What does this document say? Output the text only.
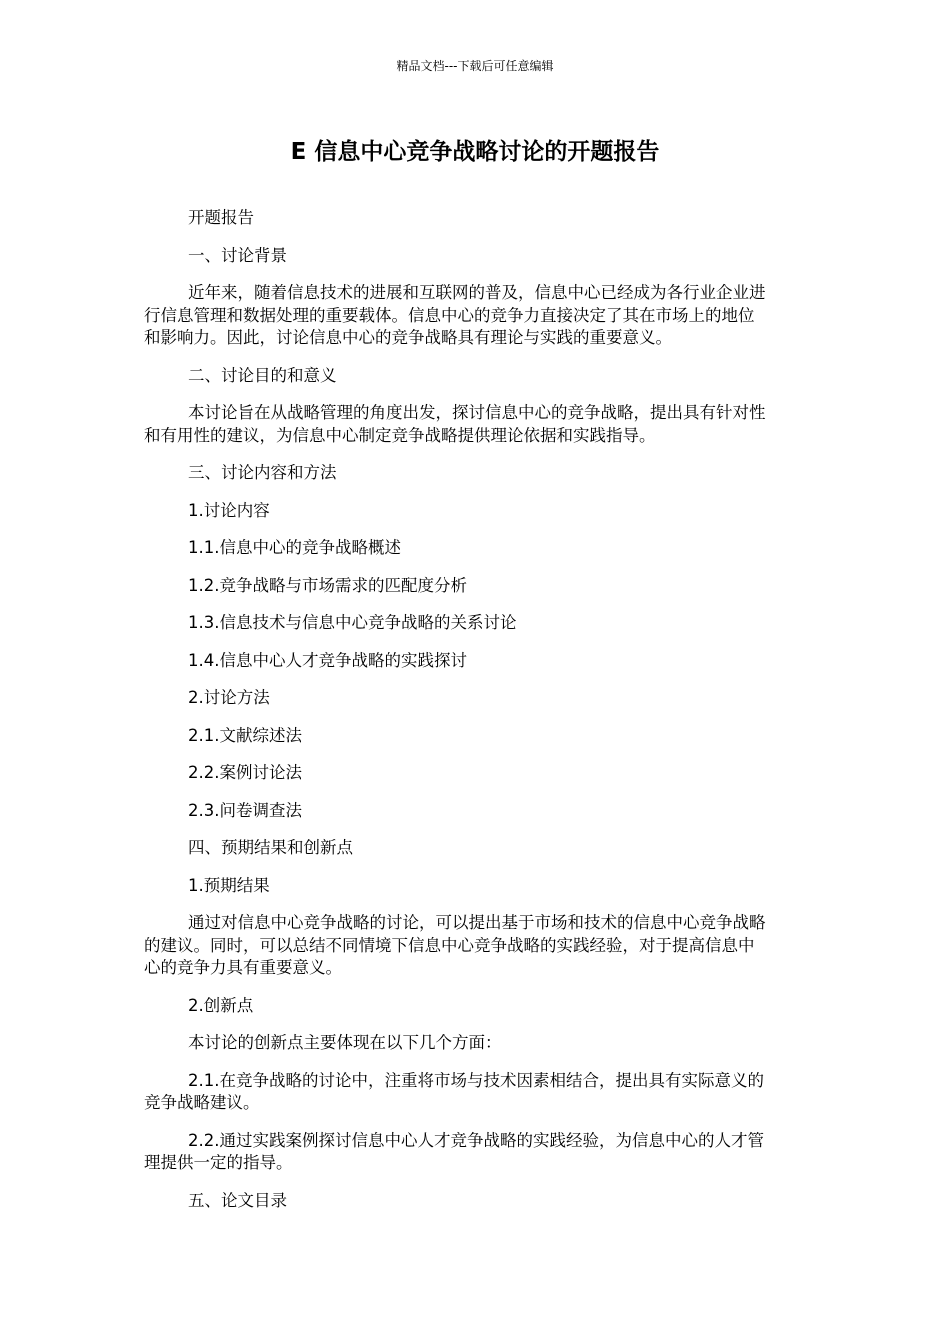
精品文档---下载后可任意编辑
E 信息中心竞争战略讨论的开题报告

开题报告

一、讨论背景

近年来，随着信息技术的进展和互联网的普及，信息中心已经成为各行业企业进
行信息管理和数据处理的重要载体。信息中心的竞争力直接决定了其在市场上的地位
和影响力。因此，讨论信息中心的竞争战略具有理论与实践的重要意义。

二、讨论目的和意义

本讨论旨在从战略管理的角度出发，探讨信息中心的竞争战略，提出具有针对性
和有用性的建议，为信息中心制定竞争战略提供理论依据和实践指导。

三、讨论内容和方法

1.讨论内容

1.1.信息中心的竞争战略概述

1.2.竞争战略与市场需求的匹配度分析

1.3.信息技术与信息中心竞争战略的关系讨论

1.4.信息中心人才竞争战略的实践探讨

2.讨论方法

2.1.文献综述法

2.2.案例讨论法

2.3.问卷调查法

四、预期结果和创新点

1.预期结果

通过对信息中心竞争战略的讨论，可以提出基于市场和技术的信息中心竞争战略
的建议。同时，可以总结不同情境下信息中心竞争战略的实践经验，对于提高信息中
心的竞争力具有重要意义。

2.创新点

本讨论的创新点主要体现在以下几个方面：

2.1.在竞争战略的讨论中，注重将市场与技术因素相结合，提出具有实际意义的
竞争战略建议。

2.2.通过实践案例探讨信息中心人才竞争战略的实践经验，为信息中心的人才管
理提供一定的指导。

五、论文目录
